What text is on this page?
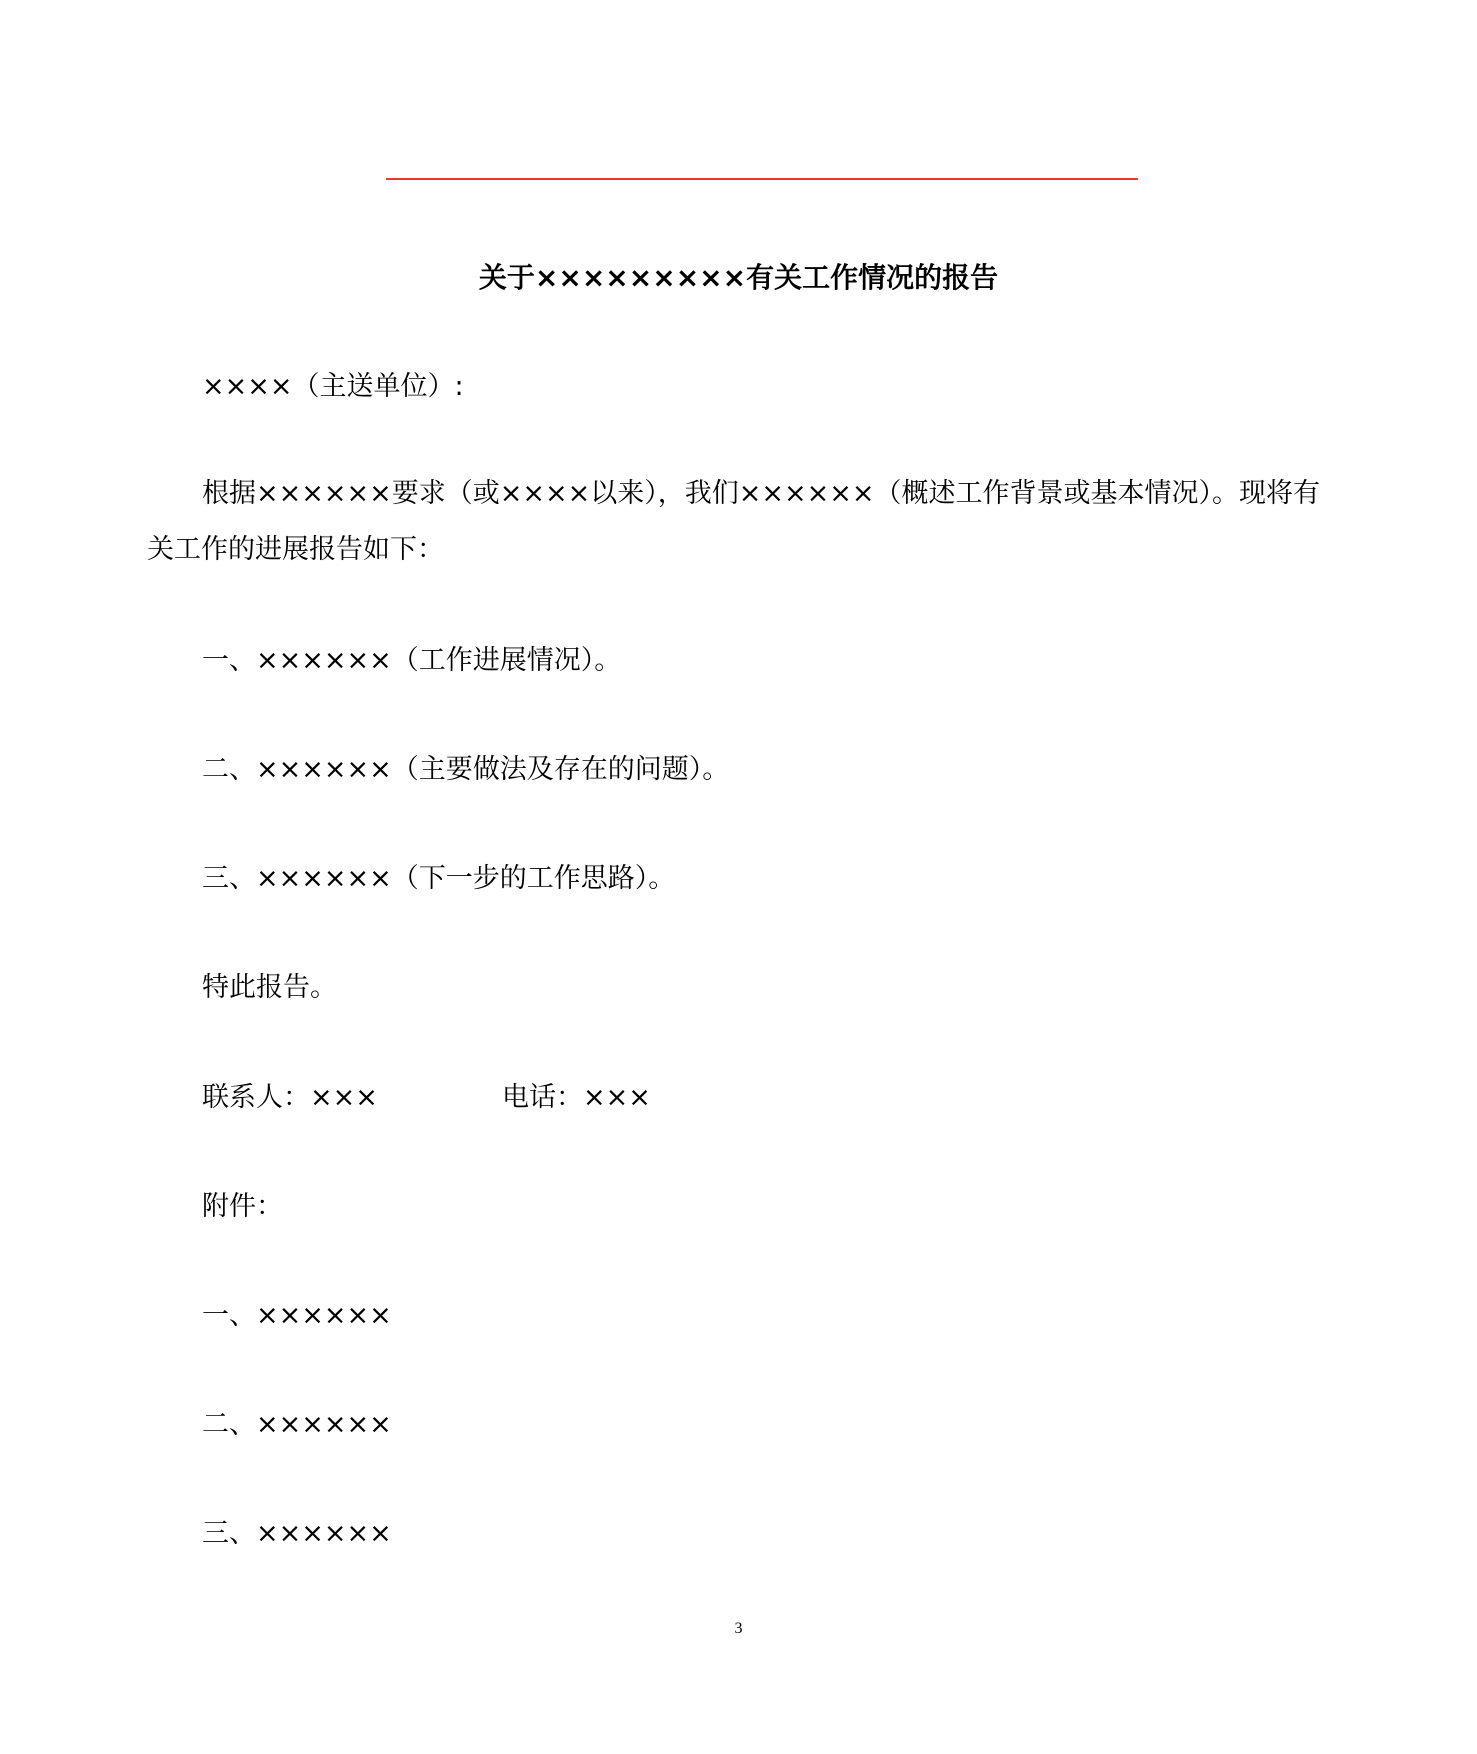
关于×××××××××有关工作情况的报告
××××（主送单位）:
根据××××××要求（或××××以来），我们××××××（概述工作背景或基本情况）。现将有关工作的进展报告如下：
一、××××××（工作进展情况）。
二、××××××（主要做法及存在的问题）。
三、××××××（下一步的工作思路）。
特此报告。
联系人：×××	电话：×××
附件：
一、××××××
二、××××××
三、××××××
3
